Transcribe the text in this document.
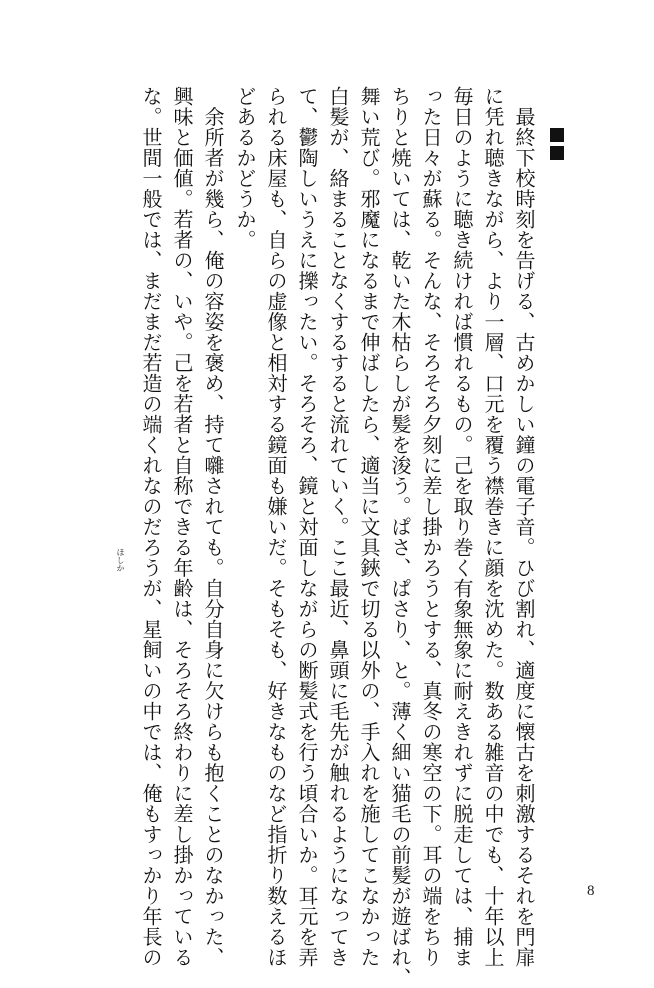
　最終下校時刻を告げる、古めかしい鐘の電子音。ひび割れ、適度に懐古を刺激するそれを門扉
に凭れ聴きながら、より一層、口元を覆う襟巻きに顔を沈めた。数ある雑音の中でも、十年以上
毎日のように聴き続ければ慣れるもの。己を取り巻く有象無象に耐えきれずに脱走しては、捕ま
った日々が蘇る。そんな、そろそろ夕刻に差し掛かろうとする、真冬の寒空の下。耳の端をちり
ちりと焼いては、乾いた木枯らしが髪を浚う。ぱさ、ぱさり、と。薄く細い猫毛の前髪が遊ばれ、
舞い荒び。邪魔になるまで伸ばしたら、適当に文具鋏で切る以外の、手入れを施してこなかった
白髪が、絡まることなくするすると流れていく。ここ最近、鼻頭に毛先が触れるようになってき
て、鬱陶しいうえに擽ったい。そろそろ、鏡と対面しながらの断髪式を行う頃合いか。耳元を弄
られる床屋も、自らの虚像と相対する鏡面も嫌いだ。そもそも、好きなものなど指折り数えるほ
どあるかどうか。
　余所者が幾ら、俺の容姿を褒め、持て囃されても。自分自身に欠けらも抱くことのなかった、
興味と価値。若者の、いや。己を若者と自称できる年齢は、そろそろ終わりに差し掛かっている
な。世間一般では、まだまだ若造の端くれなのだろうが、星飼いの中では、俺もすっかり年長の
ほしか
8
